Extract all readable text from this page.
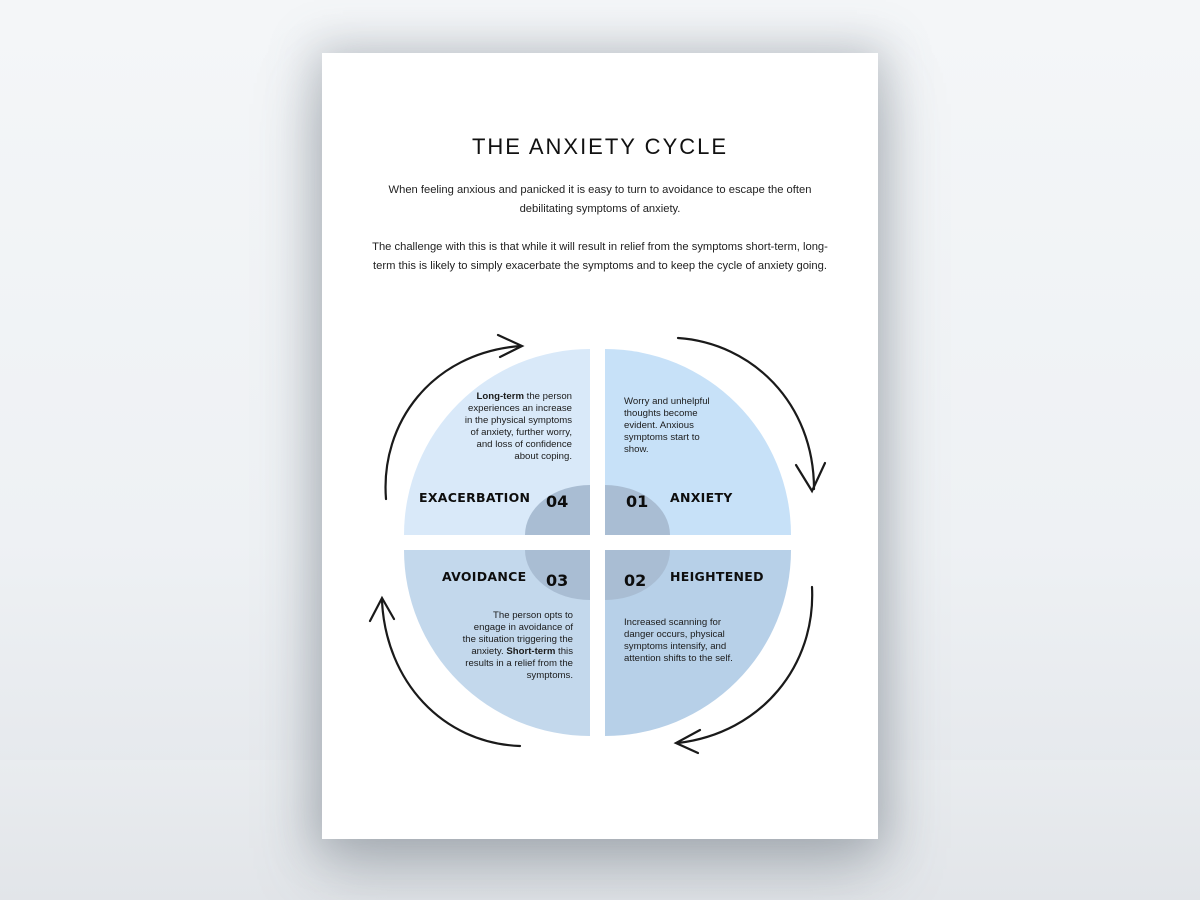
THE ANXIETY CYCLE

When feeling anxious and panicked it is easy to turn to avoidance to escape the often debilitating symptoms of anxiety.

The challenge with this is that while it will result in relief from the symptoms short-term, long-term this is likely to simply exacerbate the symptoms and to keep the cycle of anxiety going.

Long-term the person experiences an increase in the physical symptoms of anxiety, further worry, and loss of confidence about coping.

Worry and unhelpful thoughts become evident. Anxious symptoms start to show.

The person opts to engage in avoidance of the situation triggering the anxiety. Short-term this results in a relief from the symptoms.

Increased scanning for danger occurs, physical symptoms intensify, and attention shifts to the self.

EXACERBATION	ANXIETY
AVOIDANCE	HEIGHTENED
04	01
03	02
